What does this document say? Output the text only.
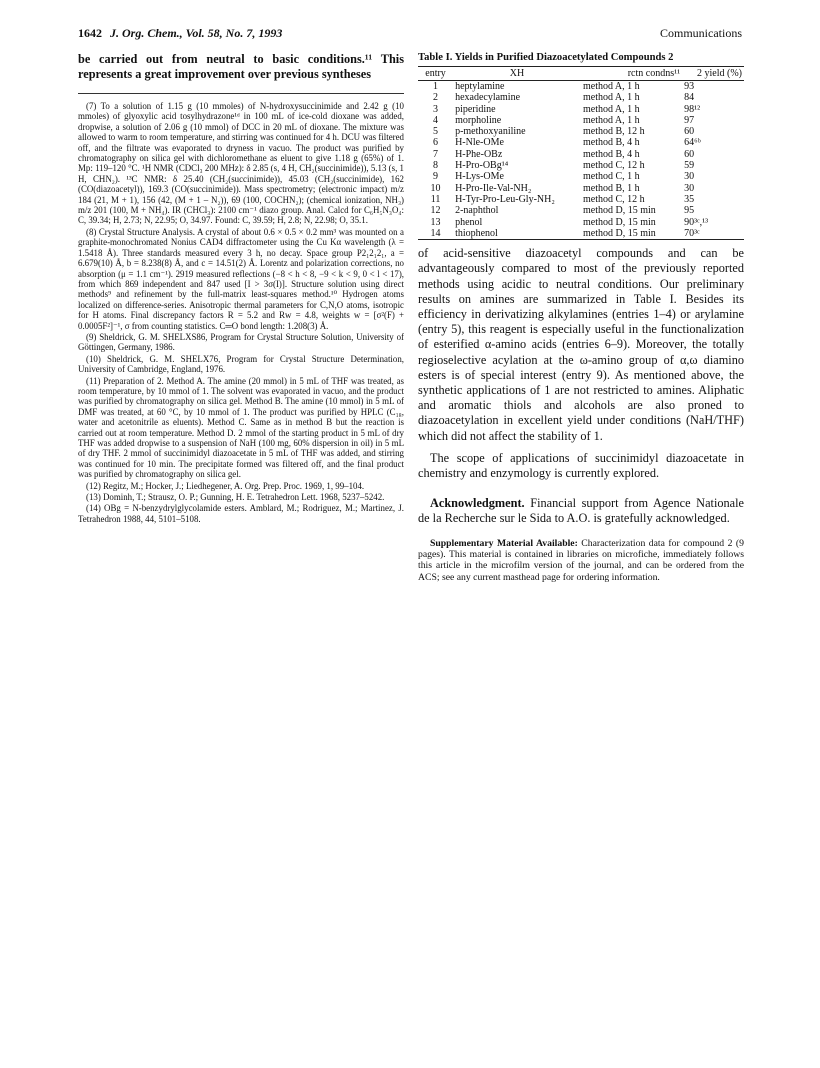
1642 J. Org. Chem., Vol. 58, No. 7, 1993	Communications

be carried out from neutral to basic conditions.¹¹ This represents a great improvement over previous syntheses

(7) To a solution of 1.15 g (10 mmoles) of N-hydroxysuccinimide and 2.42 g (10 mmoles) of glyoxylic acid tosylhydrazone¹ᵈ in 100 mL of ice-cold dioxane was added, dropwise, a solution of 2.06 g (10 mmol) of DCC in 20 mL of dioxane. The mixture was allowed to warm to room temperature, and stirring was continued for 4 h. DCU was filtered off, and the filtrate was evaporated to dryness in vacuo. The product was purified by chromatography on silica gel with dichloromethane as eluent to give 1.18 g (65%) of 1. Mp: 119–120 °C. ¹H NMR (CDCl₃ 200 MHz): δ 2.85 (s, 4 H, CH₂(succinimide)), 5.13 (s, 1 H, CHN₂). ¹³C NMR: δ 25.40 (CH₂(succinimide)), 45.03 (CH₂(succinimide), 162 (CO(diazoacetyl)), 169.3 (CO(succinimide)). Mass spectrometry; (electronic impact) m/z 184 (21, M + 1), 156 (42, (M + 1 – N₂)), 69 (100, COCHN₂); (chemical ionization, NH₃) m/z 201 (100, M + NH₄). IR (CHCl₃): 2100 cm⁻¹ diazo group. Anal. Calcd for C₆H₅N₃O₄: C, 39.34; H, 2.73; N, 22.95; O, 34.97. Found: C, 39.59; H, 2.8; N, 22.98; O, 35.1.

(8) Crystal Structure Analysis. A crystal of about 0.6 × 0.5 × 0.2 mm³ was mounted on a graphite-monochromated Nonius CAD4 diffractometer using the Cu Kα wavelength (λ = 1.5418 Å). Three standards measured every 3 h, no decay. Space group P2₁2₁2₁, a = 6.679(10) Å, b = 8.238(8) Å, and c = 14.51(2) Å. Lorentz and polarization corrections, no absorption (μ = 1.1 cm⁻¹). 2919 measured reflections (−8 < h < 8, −9 < k < 9, 0 < l < 17), from which 869 independent and 847 used [I > 3σ(I)]. Structure solution using direct methods⁹ and refinement by the full-matrix least-squares method.¹⁰ Hydrogen atoms localized on difference-series. Anisotropic thermal parameters for C,N,O atoms, isotropic for H atoms. Final discrepancy factors R = 5.2 and Rw = 4.8, weights w = [σ²(F) + 0.0005F²]⁻¹, σ from counting statistics. C═O bond length: 1.208(3) Å.

(9) Sheldrick, G. M. SHELXS86, Program for Crystal Structure Solution, University of Göttingen, Germany, 1986.

(10) Sheldrick, G. M. SHELX76, Program for Crystal Structure Determination, University of Cambridge, England, 1976.

(11) Preparation of 2. Method A. The amine (20 mmol) in 5 mL of THF was treated, as room temperature, by 10 mmol of 1. The solvent was evaporated in vacuo, and the product was purified by chromatography on silica gel. Method B. The amine (10 mmol) in 5 mL of DMF was treated, at 60 °C, by 10 mmol of 1. The product was purified by HPLC (C₁₈, water and acetonitrile as eluents). Method C. Same as in method B but the reaction is carried out at room temperature. Method D. 2 mmol of the starting product in 5 mL of dry THF was added dropwise to a suspension of NaH (100 mg, 60% dispersion in oil) in 5 mL of dry THF. 2 mmol of succinimidyl diazoacetate in 5 mL of THF was added, and stirring was continued for 10 min. The precipitate formed was filtered off, and the final product was purified by chromatography on silica gel.

(12) Regitz, M.; Hocker, J.; Liedhegener, A. Org. Prep. Proc. 1969, 1, 99–104.

(13) Dominh, T.; Strausz, O. P.; Gunning, H. E. Tetrahedron Lett. 1968, 5237–5242.

(14) OBg = N-benzydrylglycolamide esters. Amblard, M.; Rodriguez, M.; Martinez, J. Tetrahedron 1988, 44, 5101–5108.

Table I. Yields in Purified Diazoacetylated Compounds 2
entry	XH	rctn condns¹¹	2 yield (%)
1	heptylamine	method A, 1 h	93
2	hexadecylamine	method A, 1 h	84
3	piperidine	method A, 1 h	98¹²
4	morpholine	method A, 1 h	97
5	p-methoxyaniline	method B, 12 h	60
6	H-Nle-OMe	method B, 4 h	64⁶ᵇ
7	H-Phe-OBz	method B, 4 h	60
8	H-Pro-OBg¹⁴	method C, 12 h	59
9	H-Lys-OMe	method C, 1 h	30
10	H-Pro-Ile-Val-NH₂	method B, 1 h	30
11	H-Tyr-Pro-Leu-Gly-NH₂	method C, 12 h	35
12	2-naphthol	method D, 15 min	95
13	phenol	method D, 15 min	90³ᶜ,¹³
14	thiophenol	method D, 15 min	70³ᶜ

of acid-sensitive diazoacetyl compounds and can be advantageously compared to most of the previously reported methods using acidic to neutral conditions. Our preliminary results on amines are summarized in Table I. Besides its efficiency in derivatizing alkylamines (entries 1–4) or arylamine (entry 5), this reagent is especially useful in the functionalization of esterified α-amino acids (entries 6–9). Moreover, the totally regioselective acylation at the ω-amino group of α,ω diamino esters is of special interest (entry 9). As mentioned above, the synthetic applications of 1 are not restricted to amines. Aliphatic and aromatic thiols and alcohols are also proned to diazoacetylation in excellent yield under conditions (NaH/THF) which did not affect the stability of 1.

The scope of applications of succinimidyl diazoacetate in chemistry and enzymology is currently explored.

Acknowledgment. Financial support from Agence Nationale de la Recherche sur le Sida to A.O. is gratefully acknowledged.

Supplementary Material Available: Characterization data for compound 2 (9 pages). This material is contained in libraries on microfiche, immediately follows this article in the microfilm version of the journal, and can be ordered from the ACS; see any current masthead page for ordering information.
